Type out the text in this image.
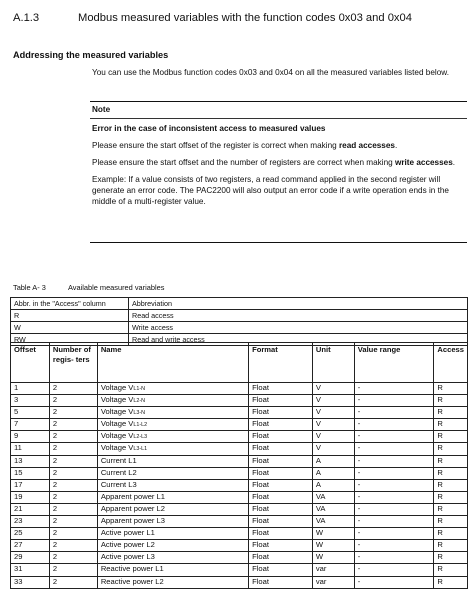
A.1.3	Modbus measured variables with the function codes 0x03 and 0x04
Addressing the measured variables
You can use the Modbus function codes 0x03 and 0x04 on all the measured variables listed below.
Note
Error in the case of inconsistent access to measured values

Please ensure the start offset of the register is correct when making read accesses.

Please ensure the start offset and the number of registers are correct when making write accesses.

Example: If a value consists of two registers, a read command applied in the second register will generate an error code. The PAC2200 will also output an error code if a write operation ends in the middle of a multi-register value.

Table A- 3	Available measured variables
Abbr. in the "Access" column	Abbreviation
R	Read access
W	Write access
RW	Read and write access
Offset	Number of regis- ters	Name	Format	Unit	Value range	Access
1	2	Voltage VL1-N	Float	V	-	R
3	2	Voltage VL2-N	Float	V	-	R
5	2	Voltage VL3-N	Float	V	-	R
7	2	Voltage VL1-L2	Float	V	-	R
9	2	Voltage VL2-L3	Float	V	-	R
11	2	Voltage VL3-L1	Float	V	-	R
13	2	Current L1	Float	A	-	R
15	2	Current L2	Float	A	-	R
17	2	Current L3	Float	A	-	R
19	2	Apparent power L1	Float	VA	-	R
21	2	Apparent power L2	Float	VA	-	R
23	2	Apparent power L3	Float	VA	-	R
25	2	Active power L1	Float	W	-	R
27	2	Active power L2	Float	W	-	R
29	2	Active power L3	Float	W	-	R
31	2	Reactive power L1	Float	var	-	R
33	2	Reactive power L2	Float	var	-	R
